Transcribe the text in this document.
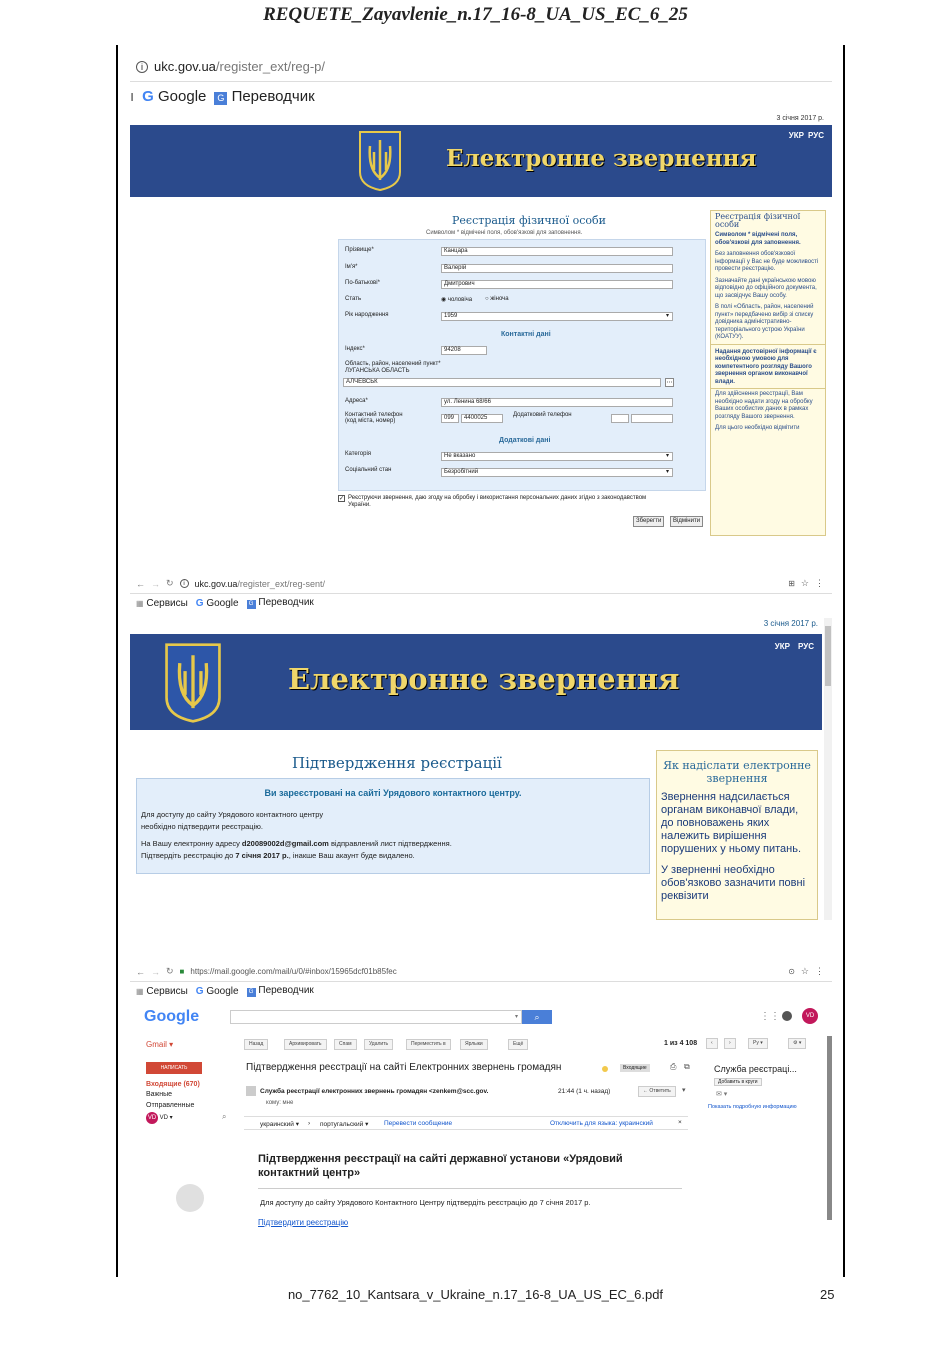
REQUETE_Zayavlenie_n.17_16-8_UA_US_EC_6_25
i ukc.gov.ua/register_ext/reg-p/
ı G Google	G Переводчик
3 січня 2017 р.
Електронне звернення
УКР РУС
Реєстрація фізичної особи
Символом * відмічені поля, обов'язкові для заповнення.
Прізвище*	Канцара
Ім'я*	Валерій
По-батькові*	Дмитрович
Стать	◉ чоловіча ○ жіноча
Рік народження	1959	▾
Контактні дані
Індекс*	94208
Область, район, населений пункт*
ЛУГАНСЬКА ОБЛАСТЬ
АЛЧЕВСЬК	⋯
Адреса*	ул. Ленина 68/66
Контактний телефон
(код міста, номер)	099	4400025	Додатковий телефон
Додаткові дані
Категорія	Не вказано	▾
Соціальний стан	Безробітний	▾
✓ Реєструючи звернення, даю згоду на обробку і використання персональних даних згідно з законодавством України.
Зберегти	Відмінити
Реєстрація фізичної особи
Символом * відмічені поля, обов'язкові для заповнення.
Без заповнення обов'язкової інформації у Вас не буде можливості провести реєстрацію.
Зазначайте дані українською мовою відповідно до офіційного документа, що засвідчує Вашу особу.
В полі «Область, район, населений пункт» передбачено вибір зі списку довідника адміністративно-територіального устрою України (КОАТУУ).
Надання достовірної інформації є необхідною умовою для компетентного розгляду Вашого звернення органом виконавчої влади.
Для здійснення реєстрації, Вам необхідно надати згоду на обробку Ваших особистих даних в рамках розгляду Вашого звернення.
Для цього необхідно відмітити
← → ↻	i	ukc.gov.ua/register_ext/reg-sent/	⊞ ☆ ⋮
▦ Сервисы G Google	G Переводчик
3 січня 2017 р.
Електронне звернення
УКР РУС
Підтвердження реєстрації
Ви зареєстровані на сайті Урядового контактного центру.
Для доступу до сайту Урядового контактного центру
необхідно підтвердити реєстрацію.
На Вашу електронну адресу d20089002d@gmail.com відправлений лист підтвердження.
Підтвердіть реєстрацію до 7 січня 2017 р., інакше Ваш акаунт буде видалено.
Як надіслати електронне звернення
Звернення надсилається органам виконавчої влади, до повноважень яких належить вирішення порушених у ньому питань.
У зверненні необхідно обов'язково зазначити повні реквізити
← → ↻ ■ https://mail.google.com/mail/u/0/#inbox/15965dcf01b85fec	⊙ ☆ ⋮
▦ Сервисы G Google	G Переводчик
Google	▾	⌕	⋮⋮	VD
Gmail ▾
НАПИСАТЬ
Входящие (670)
Важные
Отправленные
VD VD ▾	⌕
Назад	Архивировать	Спам	Удалить	Переместить в	Ярлыки	Ещё	1 из 4 108	‹	›	Ру ▾	⚙ ▾
Підтвердження реєстрації на сайті Електронних звернень громадян	Входящие	⎙ ⧉
Служба реєстрації електронних звернень громадян <zenkem@scc.gov.	21:44 (1 ч. назад)	← Ответить	▾
кому: мне
украинский ▾ › португальский ▾ Перевести сообщение	Отключить для языка: украинский	×
Підтвердження реєстрації на сайті державної установи «Урядовий контактний центр»
Для доступу до сайту Урядового Контактного Центру підтвердіть реєстрацію до 7 січня 2017 р.
Підтвердити реєстрацію
Служба реєстраці...
Добавить в круги
✉ ▾
Показать подробную информацию
no_7762_10_Kantsara_v_Ukraine_n.17_16-8_UA_US_EC_6.pdf	25
